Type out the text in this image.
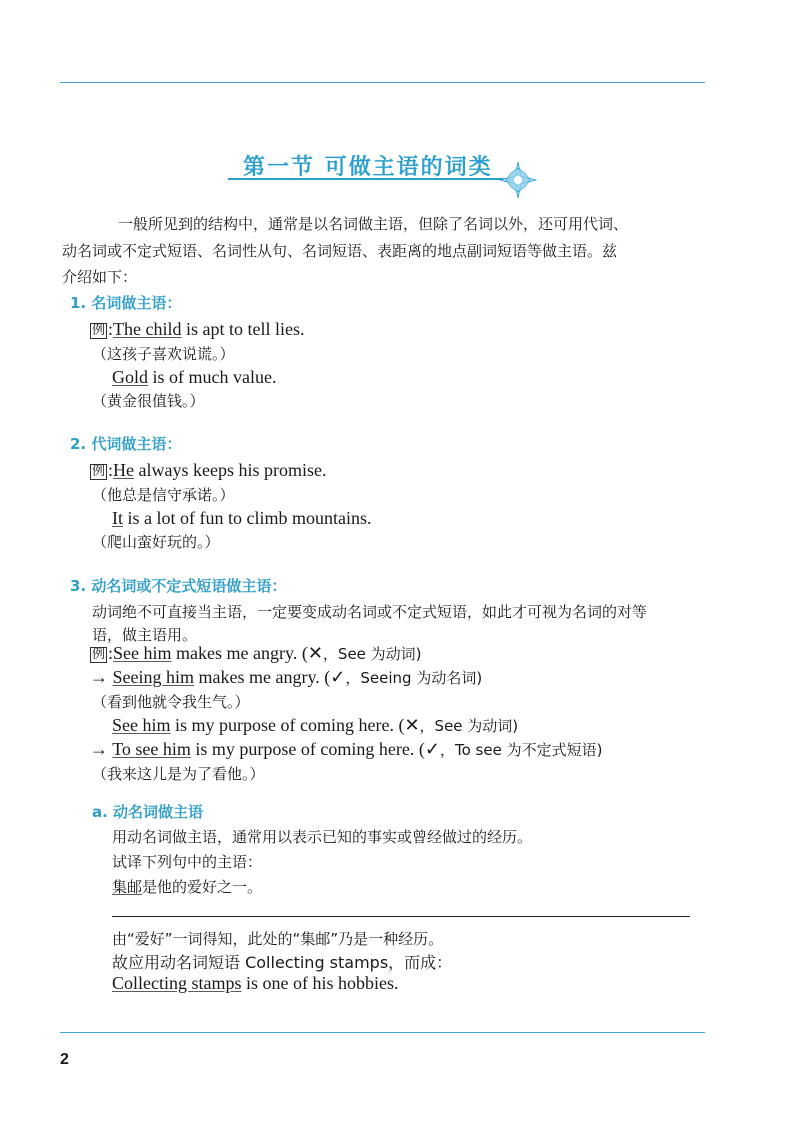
第一节 可做主语的词类
一般所见到的结构中，通常是以名词做主语，但除了名词以外，还可用代词、
动名词或不定式短语、名词性从句、名词短语、表距离的地点副词短语等做主语。兹
介绍如下：
1. 名词做主语：
例 :The child is apt to tell lies.
（这孩子喜欢说谎。）
Gold is of much value.
（黄金很值钱。）
2. 代词做主语：
例 :He always keeps his promise.
（他总是信守承诺。）
It is a lot of fun to climb mountains.
（爬山蛮好玩的。）
3. 动名词或不定式短语做主语：
动词绝不可直接当主语，一定要变成动名词或不定式短语，如此才可视为名词的对等
语，做主语用。
例 :See him makes me angry. (✕，See 为动词)
→ Seeing him makes me angry. (✓，Seeing 为动名词)
（看到他就令我生气。）
See him is my purpose of coming here. (✕，See 为动词)
→ To see him is my purpose of coming here. (✓，To see 为不定式短语)
（我来这儿是为了看他。）
a. 动名词做主语
用动名词做主语，通常用以表示已知的事实或曾经做过的经历。
试译下列句中的主语：
集邮是他的爱好之一。
由“爱好”一词得知，此处的“集邮”乃是一种经历。
故应用动名词短语 Collecting stamps，而成：
Collecting stamps is one of his hobbies.
2
